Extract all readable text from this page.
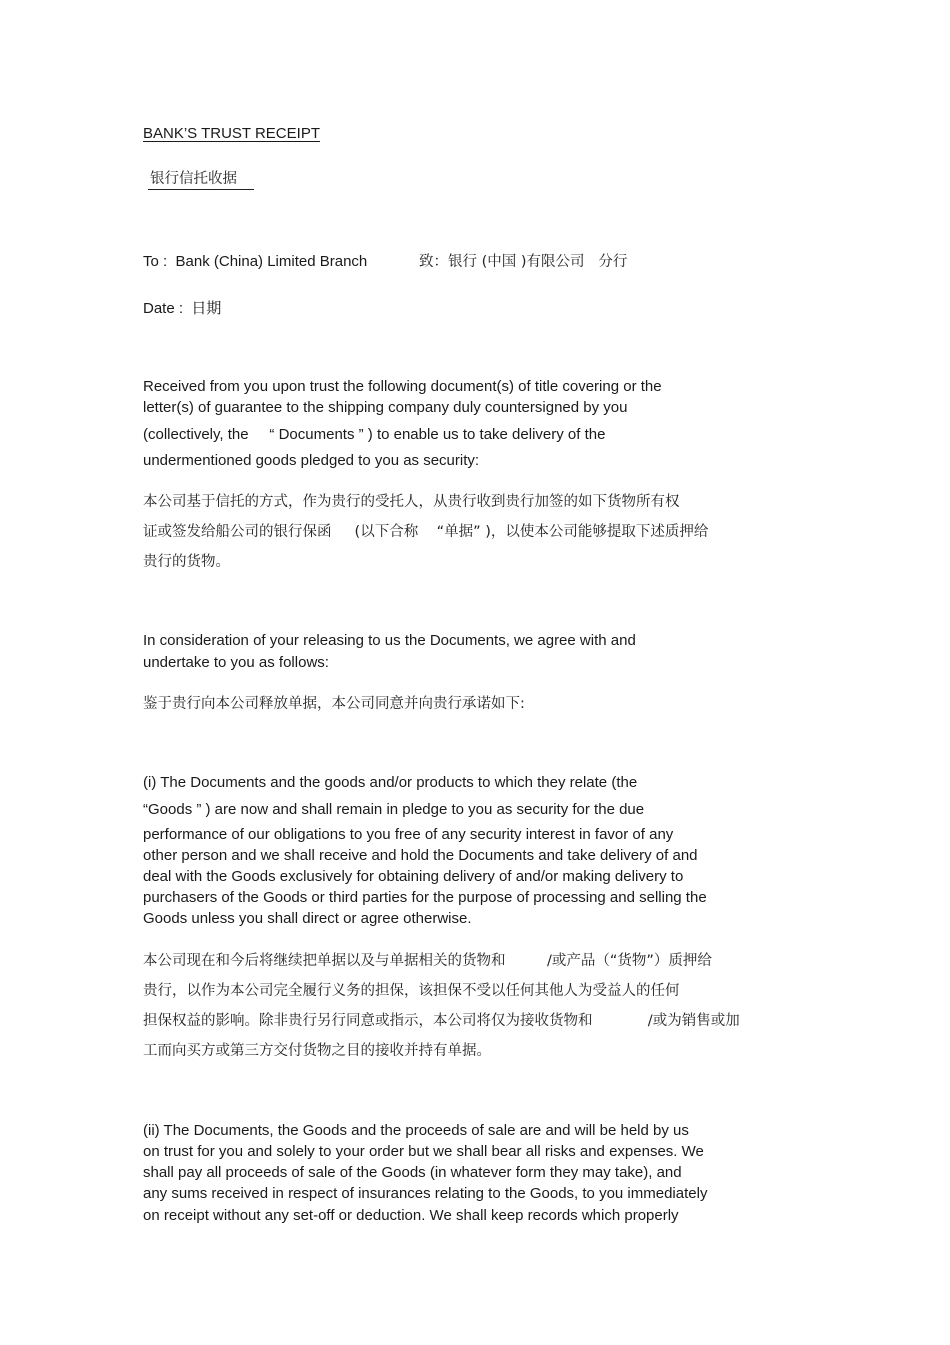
BANK’S TRUST RECEIPT
银行信托收据
To :  Bank (China) Limited Branch	致：银行 (中国 )有限公司   分行
Date :  日期
Received from you upon trust the following document(s) of title covering or the
letter(s) of guarantee to the shipping company duly countersigned by you
(collectively, the     “ Documents ” ) to enable us to take delivery of the
undermentioned goods pledged to you as security:
本公司基于信托的方式，作为贵行的受托人，从贵行收到贵行加签的如下货物所有权
证或签发给船公司的银行保函     (以下合称    “单据” )，以使本公司能够提取下述质押给
贵行的货物。
In consideration of your releasing to us the Documents, we agree with and
undertake to you as follows:
鉴于贵行向本公司释放单据，本公司同意并向贵行承诺如下:
(i) The Documents and the goods and/or products to which they relate (the
“Goods ” ) are now and shall remain in pledge to you as security for the due
performance of our obligations to you free of any security interest in favor of any
other person and we shall receive and hold the Documents and take delivery of and
deal with the Goods exclusively for obtaining delivery of and/or making delivery to
purchasers of the Goods or third parties for the purpose of processing and selling the
Goods unless you shall direct or agree otherwise.
本公司现在和今后将继续把单据以及与单据相关的货物和         /或产品（“货物”）质押给
贵行，以作为本公司完全履行义务的担保，该担保不受以任何其他人为受益人的任何
担保权益的影响。除非贵行另行同意或指示，本公司将仅为接收货物和            /或为销售或加
工而向买方或第三方交付货物之目的接收并持有单据。
(ii) The Documents, the Goods and the proceeds of sale are and will be held by us
on trust for you and solely to your order but we shall bear all risks and expenses. We
shall pay all proceeds of sale of the Goods (in whatever form they may take), and
any sums received in respect of insurances relating to the Goods, to you immediately
on receipt without any set-off or deduction. We shall keep records which properly
